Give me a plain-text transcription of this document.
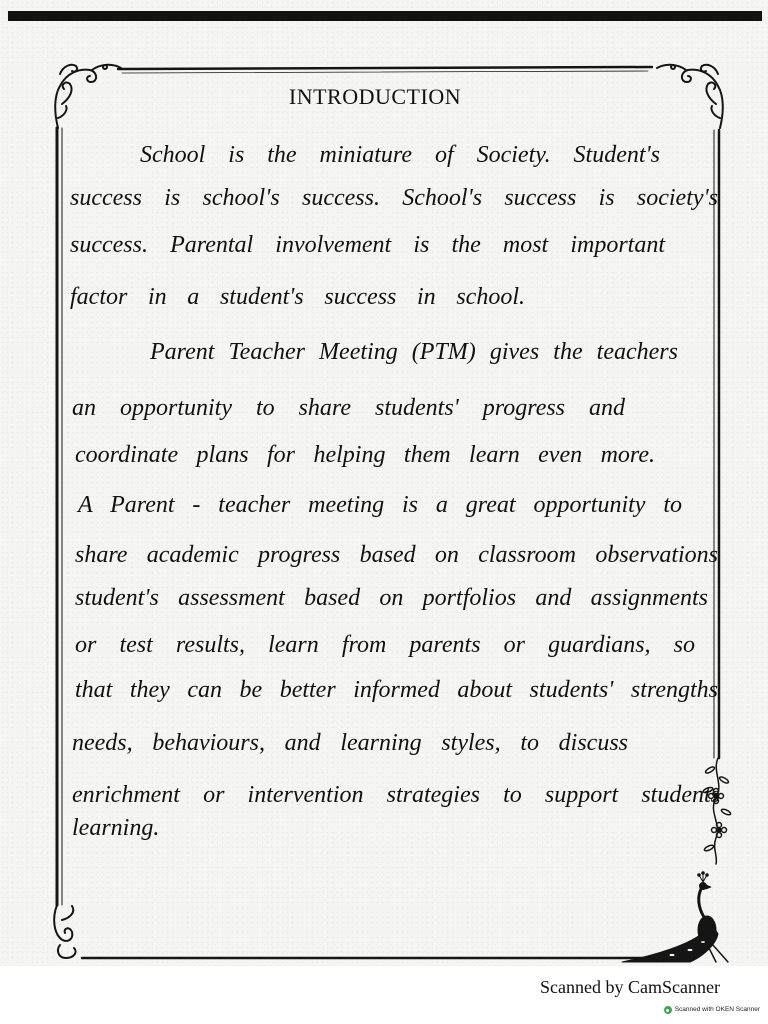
INTRODUCTION
School is the miniature of Society. Student's
success is school's success. School's success is society's
success. Parental involvement is the most important
factor in a student's success in school.
Parent Teacher Meeting (PTM) gives the teachers
an opportunity to share students' progress and
coordinate plans for helping them learn even more.
A Parent - teacher meeting is a great opportunity to
share academic progress based on classroom observations
student's assessment based on portfolios and assignments
or test results, learn from parents or guardians, so
that they can be better informed about students' strengths
needs, behaviours, and learning styles, to discuss
enrichment or intervention strategies to support students
learning.
Scanned by CamScanner
Scanned with OKEN Scanner
